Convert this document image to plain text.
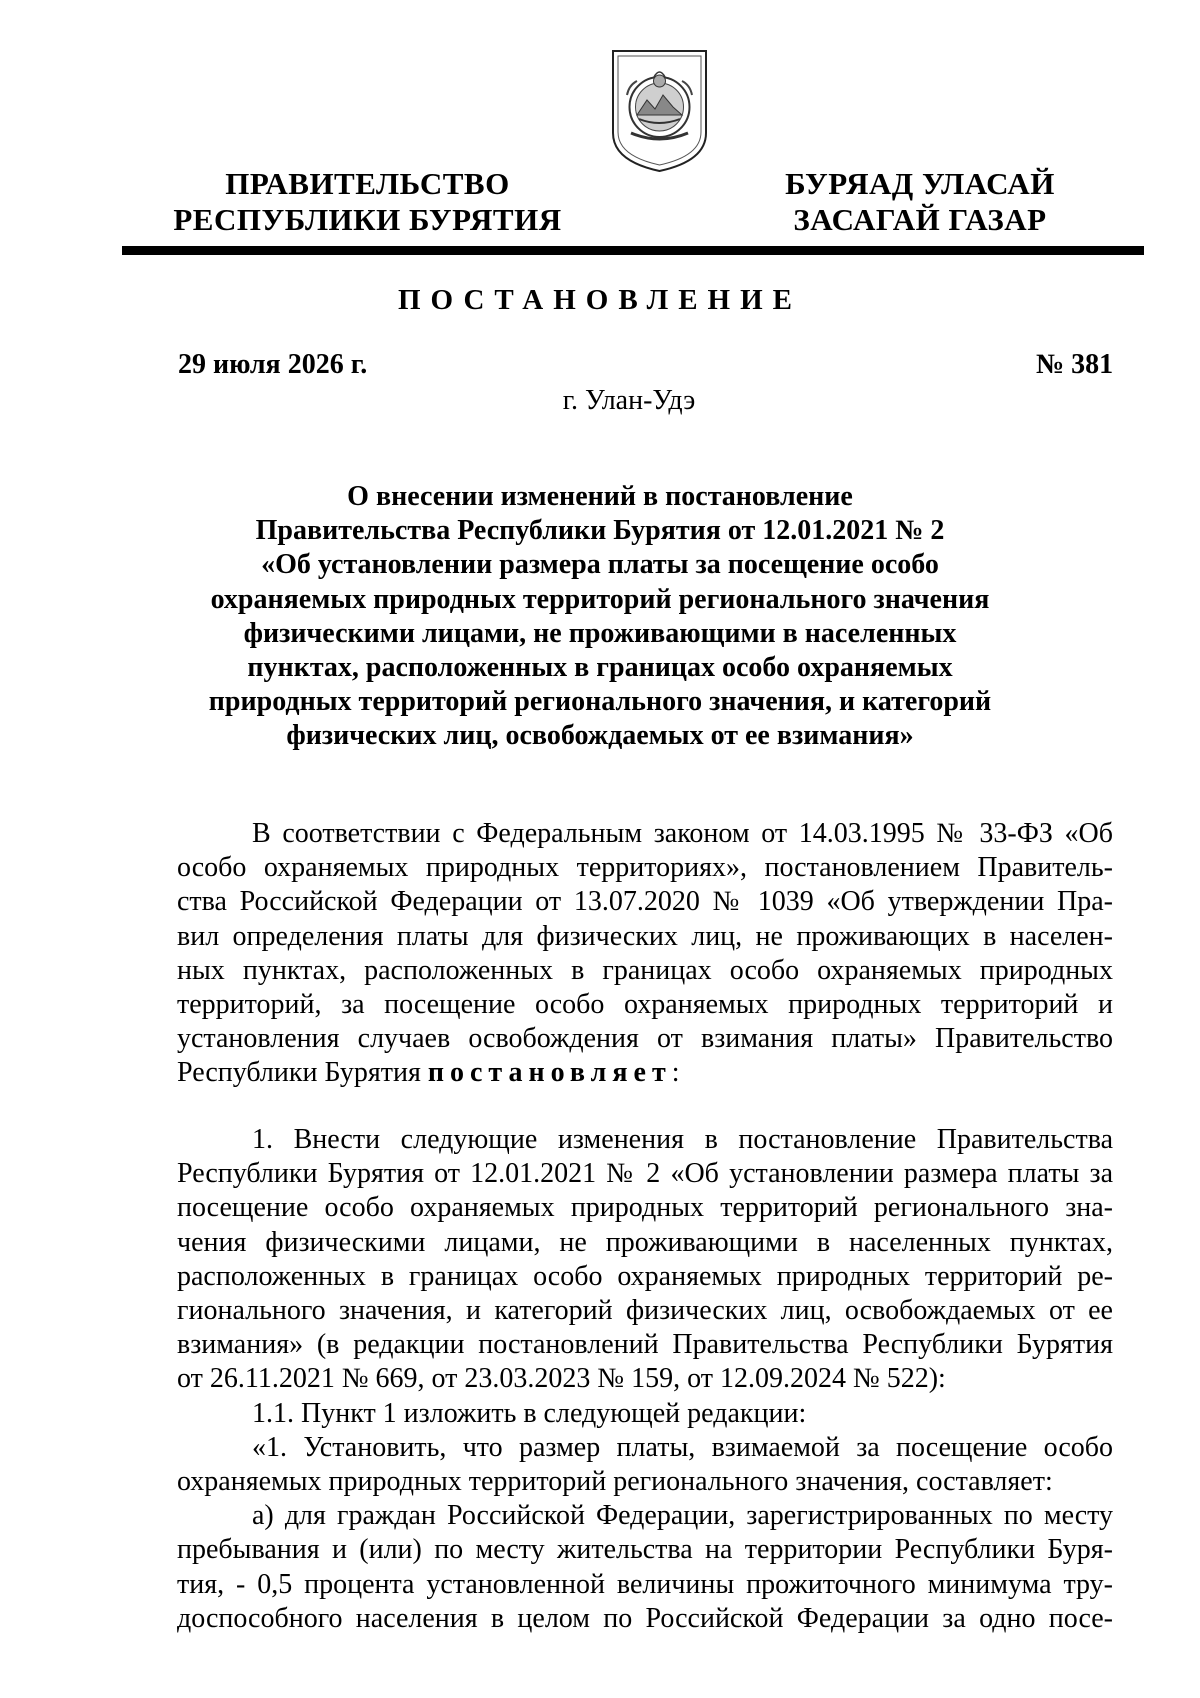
ПРАВИТЕЛЬСТВО
РЕСПУБЛИКИ БУРЯТИЯ
БУРЯАД УЛАСАЙ
ЗАСАГАЙ ГАЗАР
ПОСТАНОВЛЕНИЕ
29 июля 2026 г.	№ 381
г. Улан-Удэ
О внесении изменений в постановление
Правительства Республики Бурятия от 12.01.2021 № 2
«Об установлении размера платы за посещение особо
охраняемых природных территорий регионального значения
физическими лицами, не проживающими в населенных
пунктах, расположенных в границах особо охраняемых
природных территорий регионального значения, и категорий
физических лиц, освобождаемых от ее взимания»
В соответствии с Федеральным законом от 14.03.1995 № 33-ФЗ «Об
особо охраняемых природных территориях», постановлением Правитель-
ства Российской Федерации от 13.07.2020 № 1039 «Об утверждении Пра-
вил определения платы для физических лиц, не проживающих в населен-
ных пунктах, расположенных в границах особо охраняемых природных
территорий, за посещение особо охраняемых природных территорий и
установления случаев освобождения от взимания платы» Правительство
Республики Бурятия постановляет:
1. Внести следующие изменения в постановление Правительства
Республики Бурятия от 12.01.2021 № 2 «Об установлении размера платы за
посещение особо охраняемых природных территорий регионального зна-
чения физическими лицами, не проживающими в населенных пунктах,
расположенных в границах особо охраняемых природных территорий ре-
гионального значения, и категорий физических лиц, освобождаемых от ее
взимания» (в редакции постановлений Правительства Республики Бурятия
от 26.11.2021 № 669, от 23.03.2023 № 159, от 12.09.2024 № 522):
1.1. Пункт 1 изложить в следующей редакции:
«1. Установить, что размер платы, взимаемой за посещение особо
охраняемых природных территорий регионального значения, составляет:
а) для граждан Российской Федерации, зарегистрированных по месту
пребывания и (или) по месту жительства на территории Республики Буря-
тия, - 0,5 процента установленной величины прожиточного минимума тру-
доспособного населения в целом по Российской Федерации за одно посе-
